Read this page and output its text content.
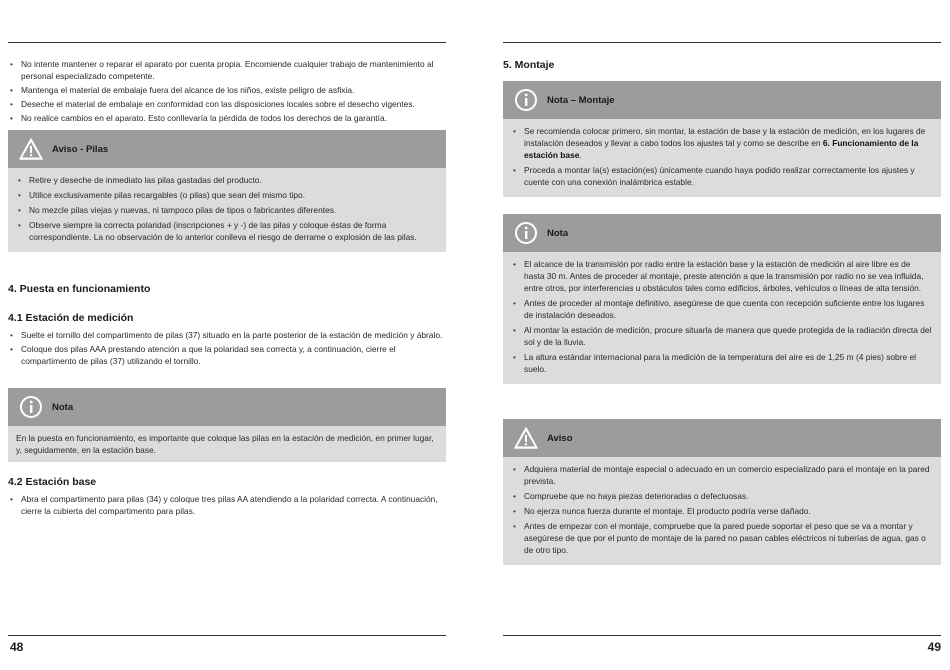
• No intente mantener o reparar el aparato por cuenta propia. Encomiende cualquier trabajo de mantenimiento al personal especializado competente.
• Mantenga el material de embalaje fuera del alcance de los niños, existe peligro de asfixia.
• Deseche el material de embalaje en conformidad con las disposiciones locales sobre el desecho vigentes.
• No realice cambios en el aparato. Esto conllevaría la pérdida de todos los derechos de la garantía.
Aviso - Pilas
• Retire y deseche de inmediato las pilas gastadas del producto.
• Utilice exclusivamente pilas recargables (o pilas) que sean del mismo tipo.
• No mezcle pilas viejas y nuevas, ni tampoco pilas de tipos o fabricantes diferentes.
• Observe siempre la correcta polaridad (inscripciones + y -) de las pilas y coloque éstas de forma correspondiente. La no observación de lo anterior conlleva el riesgo de derrame o explosión de las pilas.
4. Puesta en funcionamiento
4.1 Estación de medición
• Suelte el tornillo del compartimento de pilas (37) situado en la parte posterior de la estación de medición y ábralo.
• Coloque dos pilas AAA prestando atención a que la polaridad sea correcta y, a continuación, cierre el compartimento de pilas (37) utilizando el tornillo.
Nota

En la puesta en funcionamiento, es importante que coloque las pilas en la estación de medición, en primer lugar, y, seguidamente, en la estación base.

4.2 Estación base
• Abra el compartimento para pilas (34) y coloque tres pilas AA atendiendo a la polaridad correcta. A continuación, cierre la cubierta del compartimento para pilas.
48
5. Montaje
Nota – Montaje
• Se recomienda colocar primero, sin montar, la estación de base y la estación de medición, en los lugares de instalación deseados y llevar a cabo todos los ajustes tal y como se describe en 6. Funcionamiento de la estación base.
• Proceda a montar la(s) estación(es) únicamente cuando haya podido realizar correctamente los ajustes y cuente con una conexión inalámbrica estable.
Nota
• El alcance de la transmisión por radio entre la estación base y la estación de medición al aire libre es de hasta 30 m. Antes de proceder al montaje, preste atención a que la transmisión por radio no se vea influida, entre otros, por interferencias u obstáculos tales como edificios, árboles, vehículos o líneas de alta tensión.
• Antes de proceder al montaje definitivo, asegúrese de que cuenta con recepción suficiente entre los lugares de instalación deseados.
• Al montar la estación de medición, procure situarla de manera que quede protegida de la radiación directa del sol y de la lluvia.
• La altura estándar internacional para la medición de la temperatura del aire es de 1,25 m (4 pies) sobre el suelo.
Aviso
• Adquiera material de montaje especial o adecuado en un comercio especializado para el montaje en la pared prevista.
• Compruebe que no haya piezas deterioradas o defectuosas.
• No ejerza nunca fuerza durante el montaje. El producto podría verse dañado.
• Antes de empezar con el montaje, compruebe que la pared puede soportar el peso que se va a montar y asegúrese de que por el punto de montaje de la pared no pasan cables eléctricos ni tuberías de agua, gas o de otro tipo.
49
